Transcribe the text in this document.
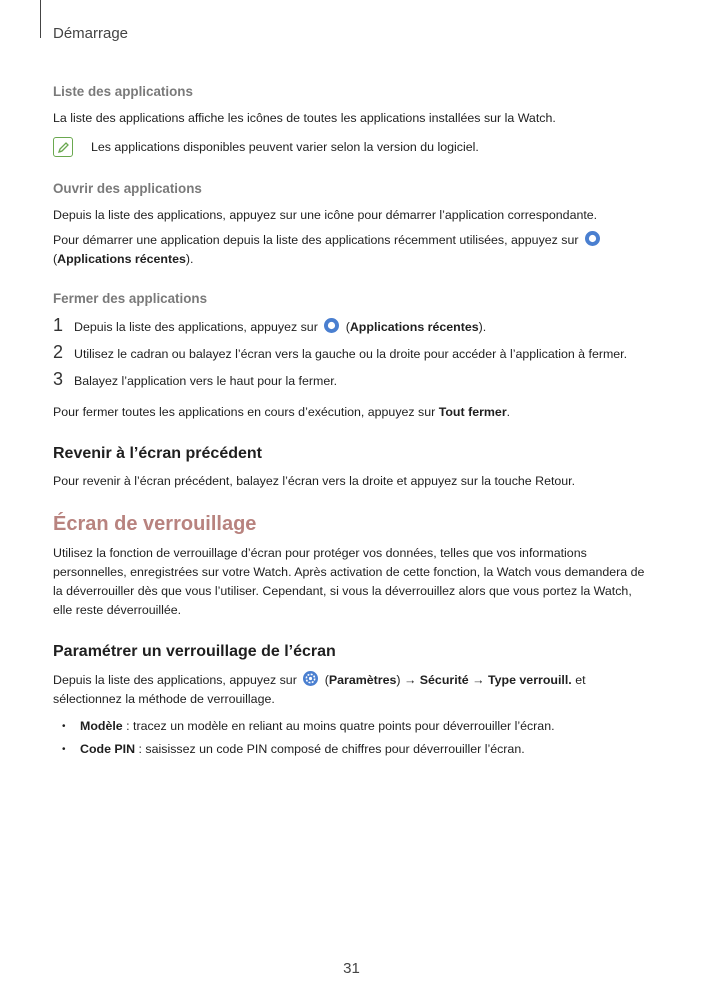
Démarrage
Liste des applications

La liste des applications affiche les icônes de toutes les applications installées sur la Watch.

Les applications disponibles peuvent varier selon la version du logiciel.
Ouvrir des applications

Depuis la liste des applications, appuyez sur une icône pour démarrer l’application correspondante.

Pour démarrer une application depuis la liste des applications récemment utilisées, appuyez sur

(Applications récentes).

Fermer des applications
1 Depuis la liste des applications, appuyez sur
(Applications récentes).
2 Utilisez le cadran ou balayez l’écran vers la gauche ou la droite pour accéder à l’application à fermer.
3 Balayez l’application vers le haut pour la fermer.

Pour fermer toutes les applications en cours d’exécution, appuyez sur Tout fermer.

Revenir à l’écran précédent

Pour revenir à l’écran précédent, balayez l’écran vers la droite et appuyez sur la touche Retour.

Écran de verrouillage

Utilisez la fonction de verrouillage d’écran pour protéger vos données, telles que vos informations personnelles, enregistrées sur votre Watch. Après activation de cette fonction, la Watch vous demandera de la déverrouiller dès que vous l’utiliser. Cependant, si vous la déverrouillez alors que vous portez la Watch, elle reste déverrouillée.

Paramétrer un verrouillage de l’écran

Depuis la liste des applications, appuyez sur
(Paramètres) → Sécurité → Type verrouill. et sélectionnez la méthode de verrouillage.

• Modèle : tracez un modèle en reliant au moins quatre points pour déverrouiller l’écran.
• Code PIN : saisissez un code PIN composé de chiffres pour déverrouiller l’écran.
31
